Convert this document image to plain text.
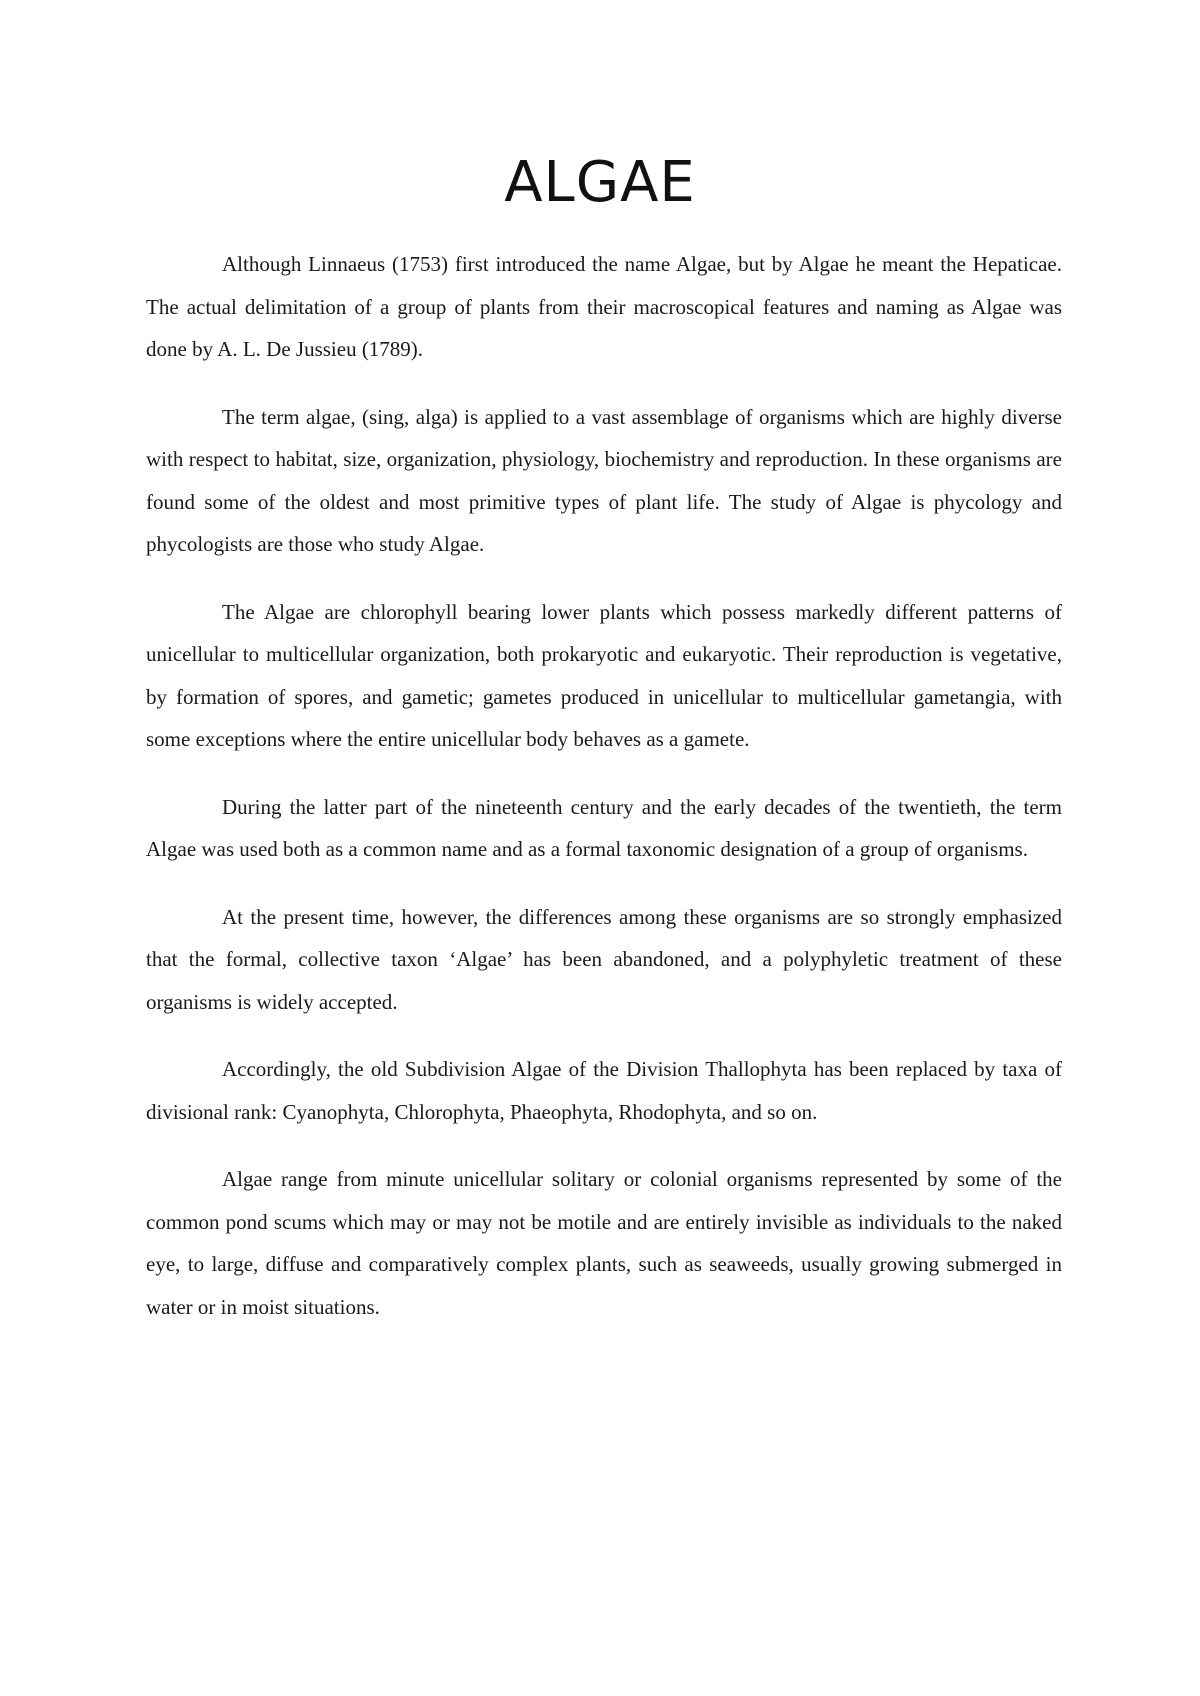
ALGAE

Although Linnaeus (1753) first introduced the name Algae, but by Algae he meant the Hepaticae. The actual delimitation of a group of plants from their macroscopical features and naming as Algae was done by A. L. De Jussieu (1789).

The term algae, (sing, alga) is applied to a vast assemblage of organisms which are highly diverse with respect to habitat, size, organization, physiology, biochemistry and reproduction. In these organisms are found some of the oldest and most primitive types of plant life. The study of Algae is phycology and phycologists are those who study Algae.

The Algae are chlorophyll bearing lower plants which possess markedly different patterns of unicellular to multicellular organization, both prokaryotic and eukaryotic. Their reproduction is vegetative, by formation of spores, and gametic; gametes produced in unicellular to multicellular gametangia, with some exceptions where the entire unicellular body behaves as a gamete.

During the latter part of the nineteenth century and the early decades of the twentieth, the term Algae was used both as a common name and as a formal taxonomic designation of a group of organisms.

At the present time, however, the differences among these organisms are so strongly emphasized that the formal, collective taxon ‘Algae’ has been abandoned, and a polyphyletic treatment of these organisms is widely accepted.

Accordingly, the old Subdivision Algae of the Division Thallophyta has been replaced by taxa of divisional rank: Cyanophyta, Chlorophyta, Phaeophyta, Rhodophyta, and so on.

Algae range from minute unicellular solitary or colonial organisms represented by some of the common pond scums which may or may not be motile and are entirely invisible as individuals to the naked eye, to large, diffuse and comparatively complex plants, such as seaweeds, usually growing submerged in water or in moist situations.
